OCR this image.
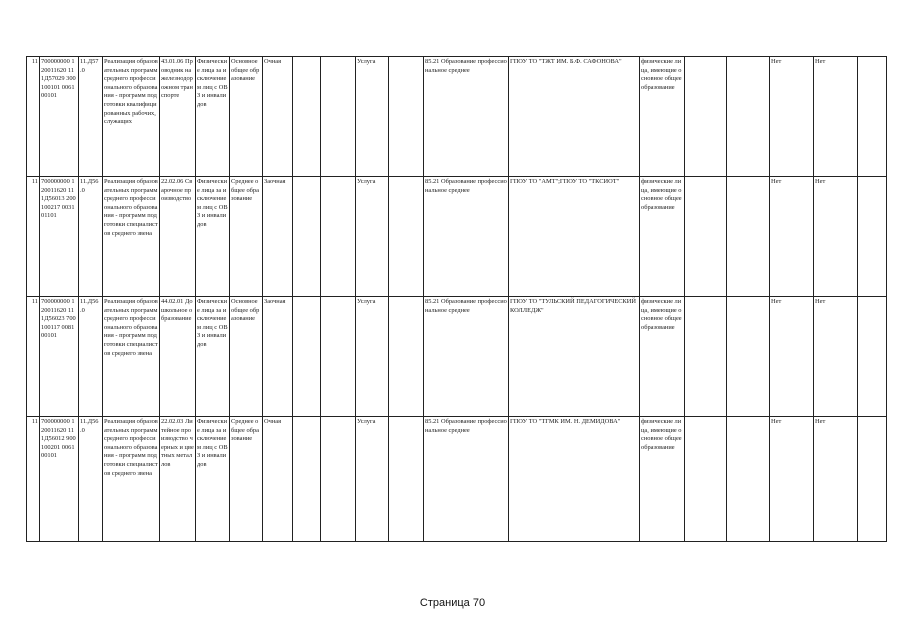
11	700000000 120011620 111Д57029 300100101 006100101	11.Д57 .0	Реализация образовательных программ среднего профессионального образования - программ подготовки квалифицированных рабочих, служащих	43.01.06 Проводник на железнодорожном транспорте	Физические лица за исключением лиц с ОВЗ и инвалидов	Основное общее образование	Очная			Услуга		85.21 Образование профессиональное среднее	ГПОУ ТО "ТЖТ ИМ. Б.Ф. САФОНОВА"	физические лица, имеющие основное общее образование			Нет	Нет	
11	700000000 120011620 111Д56013 200100217 003101101	11.Д56 .0	Реализация образовательных программ среднего профессионального образования - программ подготовки специалистов среднего звена	22.02.06 Сварочное производство	Физические лица за исключением лиц с ОВЗ и инвалидов	Среднее общее образование	Заочная			Услуга		85.21 Образование профессиональное среднее	ГПОУ ТО "АМТ";ГПОУ ТО "ТКСИОТ"	физические лица, имеющие основное общее образование			Нет	Нет	
11	700000000 120011620 111Д56023 700100117 008100101	11.Д56 .0	Реализация образовательных программ среднего профессионального образования - программ подготовки специалистов среднего звена	44.02.01 Дошкольное образование	Физические лица за исключением лиц с ОВЗ и инвалидов	Основное общее образование	Заочная			Услуга		85.21 Образование профессиональное среднее	ГПОУ ТО "ТУЛЬСКИЙ ПЕДАГОГИЧЕСКИЙ КОЛЛЕДЖ"	физические лица, имеющие основное общее образование			Нет	Нет	
11	700000000 120011620 111Д56012 900100201 006100101	11.Д56 .0	Реализация образовательных программ среднего профессионального образования - программ подготовки специалистов среднего звена	22.02.03 Литейное производство черных и цветных металлов	Физические лица за исключением лиц с ОВЗ и инвалидов	Среднее общее образование	Очная			Услуга		85.21 Образование профессиональное среднее	ГПОУ ТО "ТГМК ИМ. Н. ДЕМИДОВА"	физические лица, имеющие основное общее образование			Нет	Нет	
Страница 70
